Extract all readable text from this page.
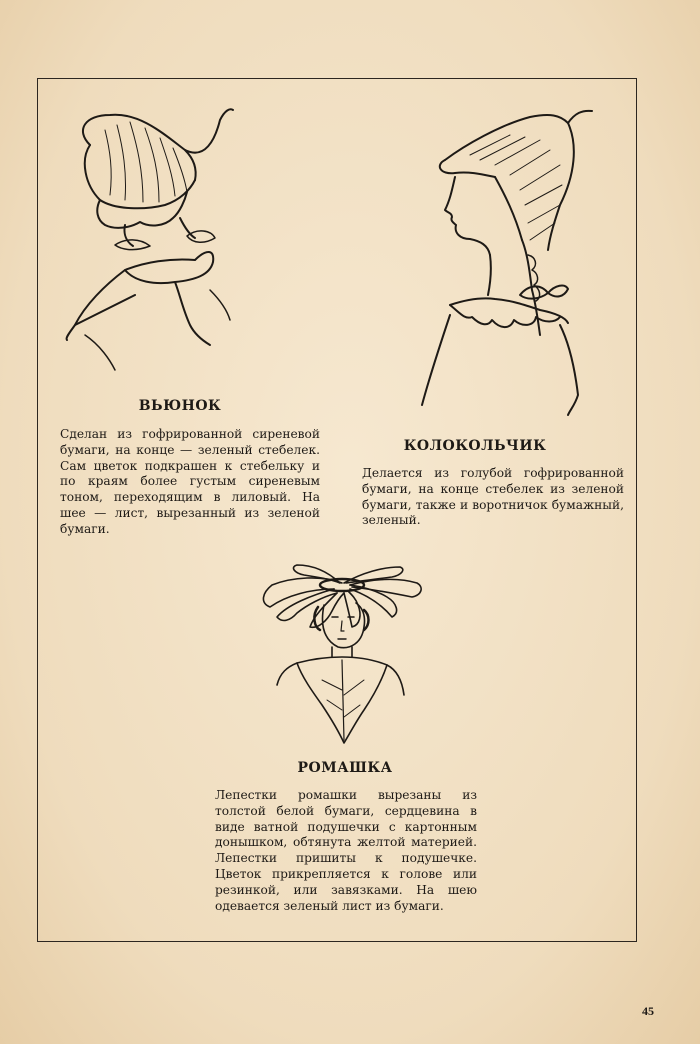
ВЬЮНОК

Сделан из гофрированной сиреневой бумаги, на конце — зеленый стебелек. Сам цветок подкрашен к стебельку и по краям более густым сиреневым тоном, переходящим в лиловый. На шее — лист, вырезанный из зеленой бумаги.

КОЛОКОЛЬЧИК

Делается из голубой гофрированной бумаги, на конце стебелек из зеленой бумаги, также и воротничок бумажный, зеленый.

РОМАШКА

Лепестки ромашки вырезаны из толстой белой бумаги, сердцевина в виде ватной подушечки с картонным донышком, обтянута желтой материей. Лепестки пришиты к подушечке. Цветок прикрепляется к голове или резинкой, или завязками. На шею одевается зеленый лист из бумаги.

45
